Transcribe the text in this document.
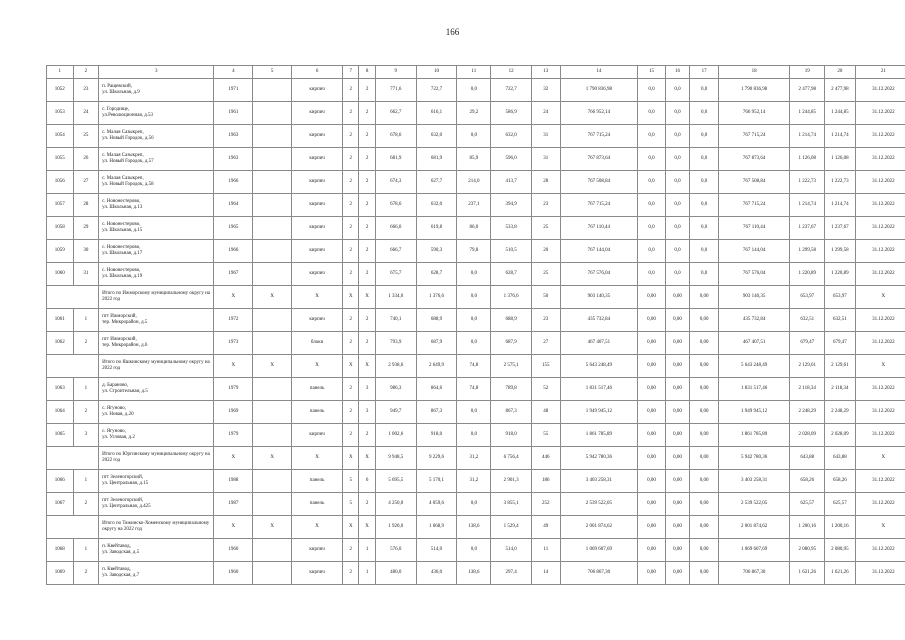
166
1	2	3	4	5	6	7	8	9	10	11	12	13	14	15	16	17	18	19	20	21
1052	23	п. Ращевский,
ул. Школьная, д.9	1971		кирпич	2	2	771,6	722,7	0,0	722,7	32	1 790 836,98	0,0	0,0	0,0	1 790 836,98	2 477,98	2 477,98	31.12.2022
1053	24	с. Городище,
ул.Революционная, д.53	1961		кирпич	2	2	662,7	616,1	29,2	586,9	24	766 952,14	0,0	0,0	0,0	766 952,14	1 244,85	1 244,85	31.12.2022
1054	25	с. Малая Сазыкреп,
ул. Новый Городок, д.56	1963		кирпич	2	2	678,6	632,0	0,0	632,0	31	767 715,24	0,0	0,0	0,0	767 715,24	1 214,74	1 214,74	31.12.2022
1055	26	с. Малая Сазыкреп,
ул. Новый Городок, д.57	1963		кирпич	2	2	681,9	681,9	85,9	596,0	31	767 873,64	0,0	0,0	0,0	767 873,64	1 126,08	1 126,08	31.12.2022
1056	27	с. Малая Сазыкреп,
ул. Новый Городок, д.58	1966		кирпич	2	2	674,3	627,7	214,0	413,7	28	767 508,84	0,0	0,0	0,0	767 508,84	1 222,73	1 222,73	31.12.2022
1057	28	с. Новонестерово,
ул. Школьная, д.13	1964		кирпич	2	2	678,6	632,0	237,1	394,9	23	767 715,24	0,0	0,0	0,0	767 715,24	1 214,74	1 214,74	31.12.2022
1058	29	с. Новонестерово,
ул. Школьная, д.15	1965		кирпич	2	2	666,0	619,8	86,0	533,8	25	767 110,44	0,0	0,0	0,0	767 110,44	1 237,67	1 237,67	31.12.2022
1059	30	с. Новонестерово,
ул. Школьная, д.17	1966		кирпич	2	2	666,7	590,3	79,8	510,5	20	767 144,04	0,0	0,0	0,0	767 144,04	1 299,58	1 299,58	31.12.2022
1060	31	с. Новонестерово,
ул. Школьная, д.19	1967		кирпич	2	2	675,7	628,7	0,0	628,7	25	767 576,04	0,0	0,0	0,0	767 576,04	1 220,89	1 220,89	31.12.2022
		Итого по Ижморскому муниципальному округу на 2022 год	X	X	X	X	X	1 334,0	1 376,6	0,0	1 376,6	50	903 140,35	0,00	0,00	0,00	903 140,35	653,97	653,97	X
1061	1	пгт Ижморский,
тер. Микрорайон, д.5	1972		кирпич	2	2	740,1	688,9	0,0	688,9	23	435 732,84	0,00	0,00	0,00	435 732,84	632,51	632,51	31.12.2022
1062	2	пгт Ижморский,
тер. Микрорайон, д.6	1973		блоки	2	2	793,9	687,9	0,0	687,9	27	467 407,51	0,00	0,00	0,00	467 407,51	679,47	679,47	31.12.2022
		Итого по Яшкинскому муниципальному округу на 2022 год	X	X	X	X	X	2 938,6	2 649,9	74,8	2 575,1	155	5 643 248,49	0,00	0,00	0,00	5 643 248,49	2 129,61	2 129,61	X
1063	1	д. Бараново,
ул. Строительная, д.5	1979		панель	2	3	986,3	864,6	74,8	789,8	52	1 831 517,46	0,00	0,00	0,00	1 831 517,46	2 118,34	2 118,34	31.12.2022
1064	2	с. Ягуново,
ул. Новая, д.20	1969		панель	2	3	949,7	867,3	0,0	867,3	48	1 949 945,12	0,00	0,00	0,00	1 949 945,12	2 248,29	2 248,29	31.12.2022
1065	3	с. Ягуново,
ул. Угловая, д.2	1979		кирпич	2	2	1 002,6	918,0	0,0	918,0	55	1 861 785,89	0,00	0,00	0,00	1 861 785,89	2 028,09	2 028,09	31.12.2022
		Итого по Юргинскому муниципальному округу на 2022 год	X	X	X	X	X	9 948,5	9 229,6	31,2	6 756,4	446	5 942 780,36	0,00	0,00	0,00	5 942 780,36	643,88	643,88	X
1066	1	пгт Зеленогорский,
ул. Центральная, д.15	1988		панель	5	6	5 695,5	5 170,1	31,2	2 901,3	186	3 403 258,31	0,00	0,00	0,00	3 403 258,31	658,26	658,26	31.12.2022
1067	2	пгт Зеленогорский,
ул. Центральная, д.425	1987		панель	5	2	4 250,0	4 059,6	0,0	3 855,1	252	2 539 522,05	0,00	0,00	0,00	2 539 522,05	625,57	625,57	31.12.2022
		Итого по Тяжинско-Хоменскому муниципальному округу на 2022 год	X	X	X	X	X	1 920,0	1 668,9	138,6	1 529,4	49	2 001 874,62	0,00	0,00	0,00	2 001 874,62	1 200,16	1 200,16	X
1068	1	п. Квейтавод,
ул. Заводская, д.5	1960		кирпич	2	1	576,0	514,0	0,0	514,0	11	1 069 607,69	0,00	0,00	0,00	1 069 607,69	2 080,95	2 080,95	31.12.2022
1069	2	п. Квейтавод,
ул. Заводская, д.7	1960		кирпич	2	1	480,0	436,0	138,6	297,4	14	706 867,30	0,00	0,00	0,00	706 867,30	1 621,26	1 621,26	31.12.2022
